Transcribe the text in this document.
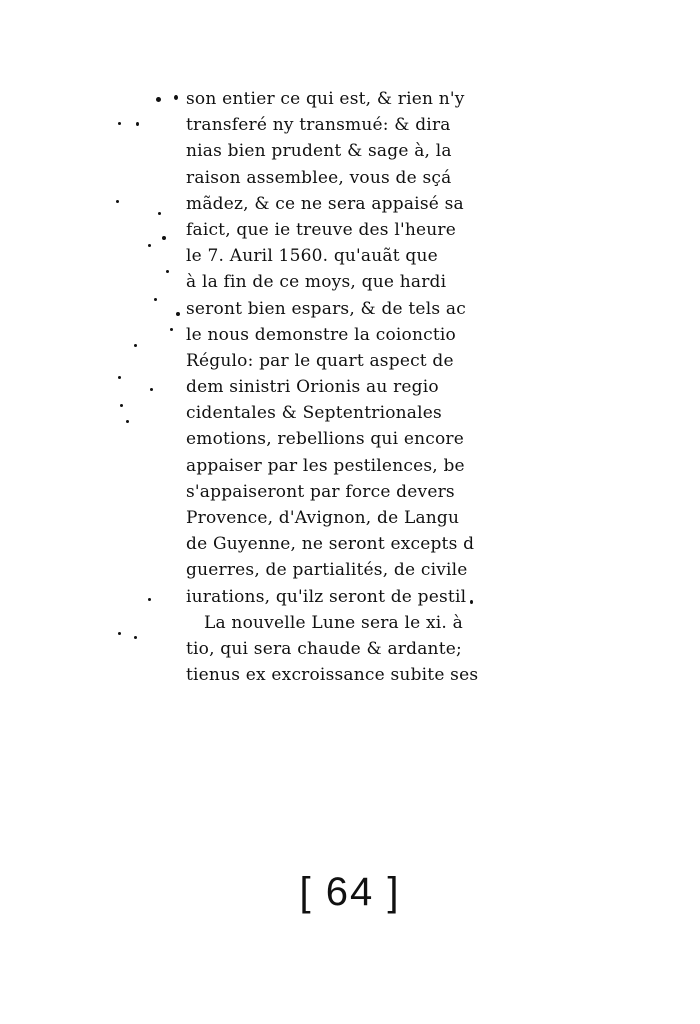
son entier ce qui est, & rien n'y
transferé ny transmué: & dira
nias bien prudent & sage à, la
raison assemblee, vous de sçá
mãdez, & ce ne sera appaisé sa
faict, que ie treuve des l'heure
le 7. Auril 1560. qu'auãt que
à la fin de ce moys, que hardi
seront bien espars, & de tels ac
le nous demonstre la coionctio
Régulo: par le quart aspect de
dem sinistri Orionis au regio
cidentales & Septentrionales
emotions, rebellions qui encore
appaiser par les pestilences, be
s'appaiseront par force devers
Provence, d'Avignon, de Langu
de Guyenne, ne seront excepts d
guerres, de partialités, de civile
iurations, qu'ilz seront de pestil
La nouvelle Lune sera le xi. à
tio, qui sera chaude & ardante;
tienus ex excroissance subite ses
[ 64 ]
